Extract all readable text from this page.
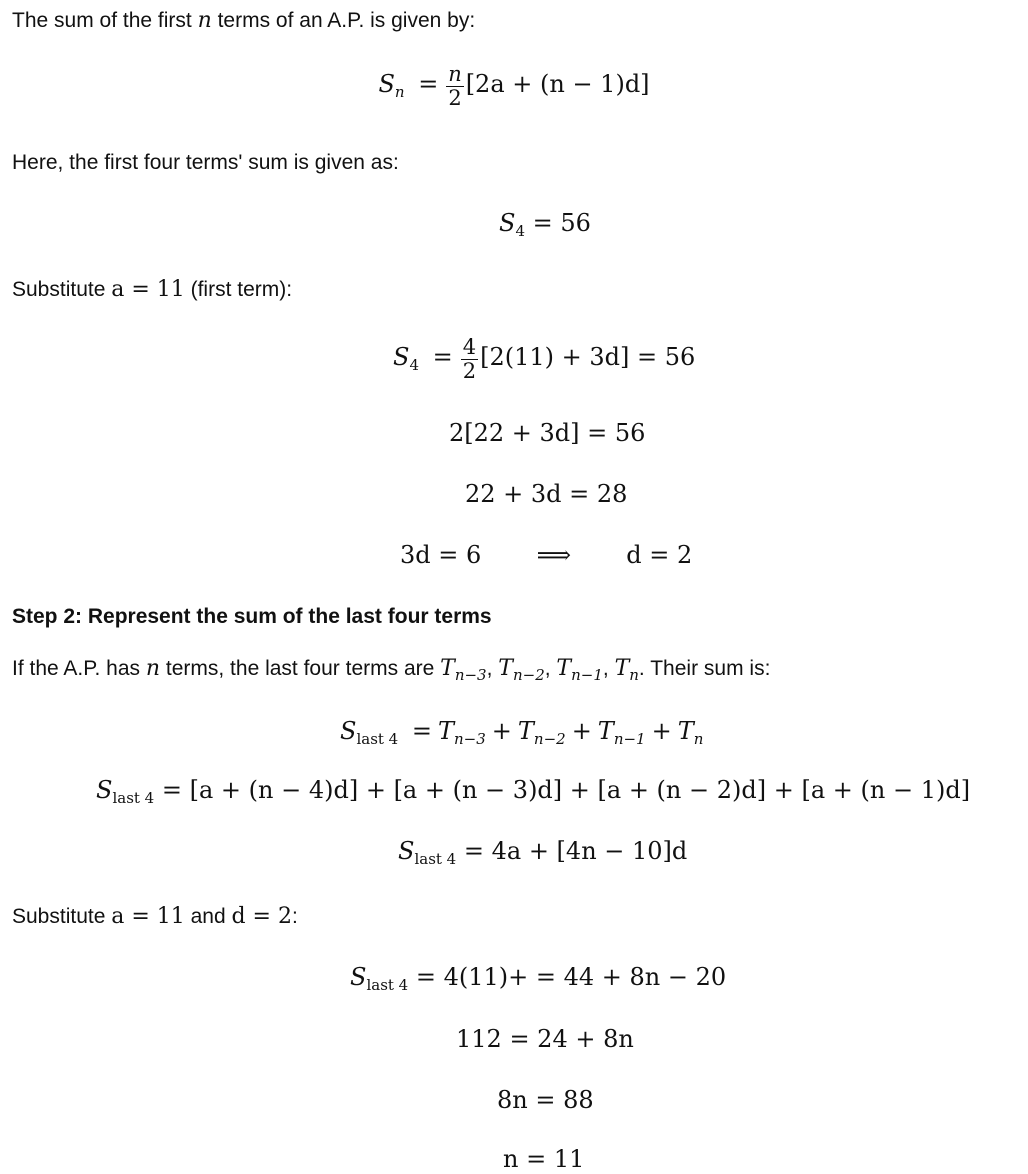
The sum of the first n terms of an A.P. is given by:
$S_n = \frac{n}{2} [2a + (n - 1)d]$
Here, the first four terms' sum is given as:
$S_4 = 56$
Substitute a = 11 (first term):
$S_4 = \frac{4}{2} [2(11) + 3d] = 56$
2[22 + 3d] = 56
22 + 3d = 28
3d = 6 ⟹ d = 2
Step 2: Represent the sum of the last four terms
If the A.P. has n terms, the last four terms are $T_{n-3}$, $T_{n-2}$, $T_{n-1}$, $T_n$. Their sum is:
$S_{last 4} = T_{n-3} + T_{n-2} + T_{n-1} + T_n$
$S_{last 4} = [a + (n - 4)d] + [a + (n - 3)d] + [a + (n - 2)d] + [a + (n - 1)d]$
$S_{last 4} = 4a + [4n - 10]d$
Substitute a = 11 and d = 2:
$S_{last 4} = 4(11)+ = 44 + 8n - 20$
112 = 24 + 8n
8n = 88
n = 11
